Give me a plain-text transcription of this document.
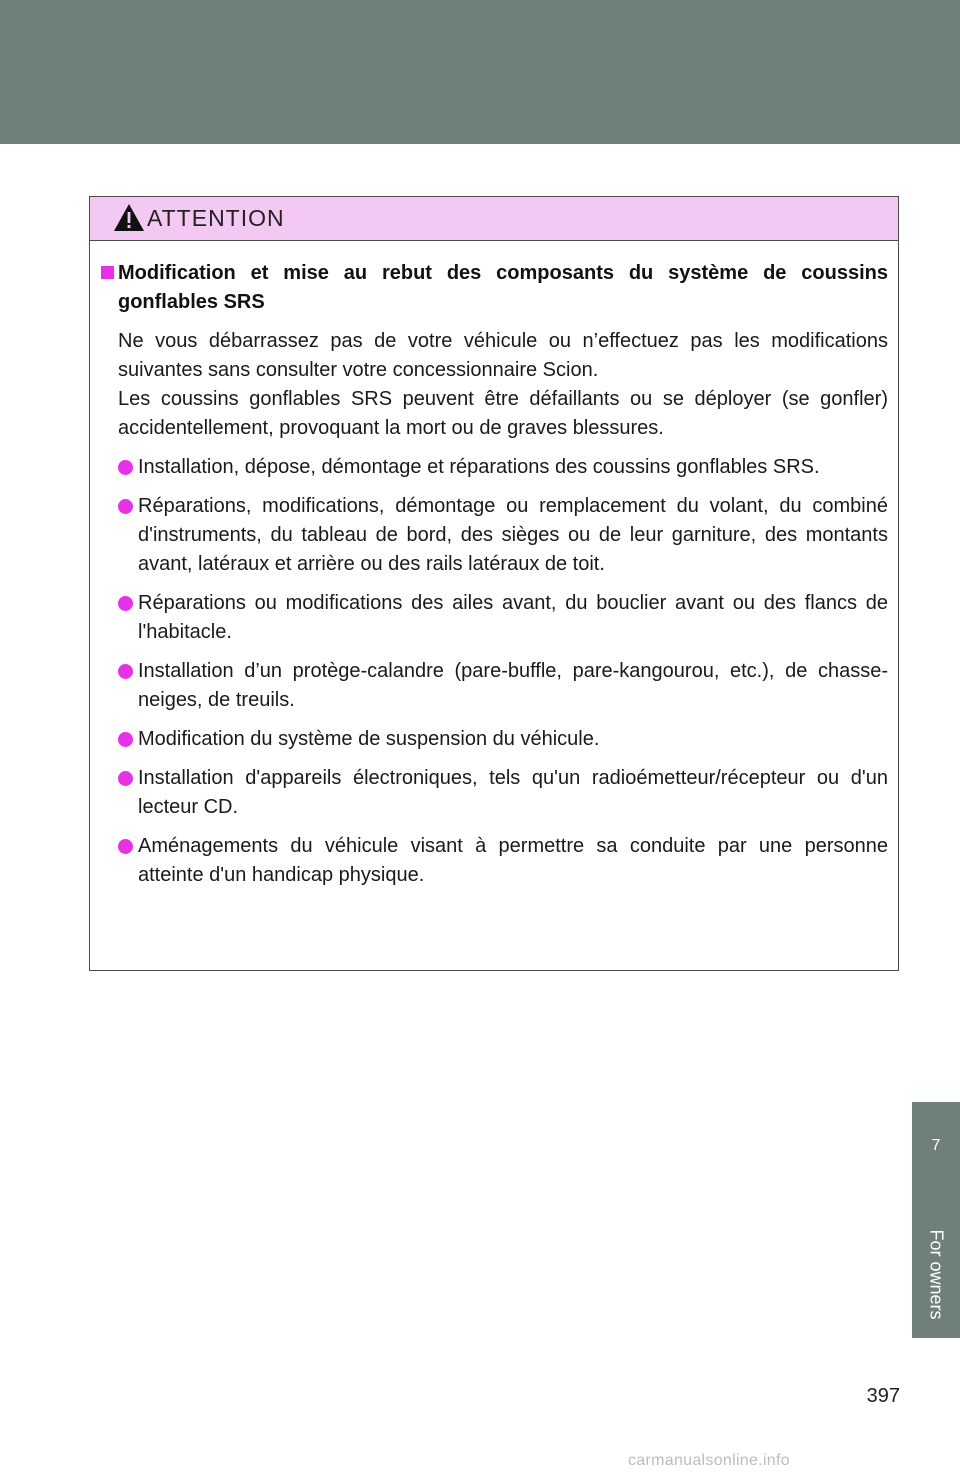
ATTENTION
Modification et mise au rebut des composants du système de coussins gonflables SRS
Ne vous débarrassez pas de votre véhicule ou n’effectuez pas les modifications suivantes sans consulter votre concessionnaire Scion.
Les coussins gonflables SRS peuvent être défaillants ou se déployer (se gonfler) accidentellement, provoquant la mort ou de graves blessures.
Installation, dépose, démontage et réparations des coussins gonflables SRS.
Réparations, modifications, démontage ou remplacement du volant, du combiné d'instruments, du tableau de bord, des sièges ou de leur garniture, des montants avant, latéraux et arrière ou des rails latéraux de toit.
Réparations ou modifications des ailes avant, du bouclier avant ou des flancs de l'habitacle.
Installation d’un protège-calandre (pare-buffle, pare-kangourou, etc.), de chasse-neiges, de treuils.
Modification du système de suspension du véhicule.
Installation d'appareils électroniques, tels qu'un radioémetteur/récepteur ou d'un lecteur CD.
Aménagements du véhicule visant à permettre sa conduite par une personne atteinte d'un handicap physique.
7
For owners
397
carmanualsonline.info
